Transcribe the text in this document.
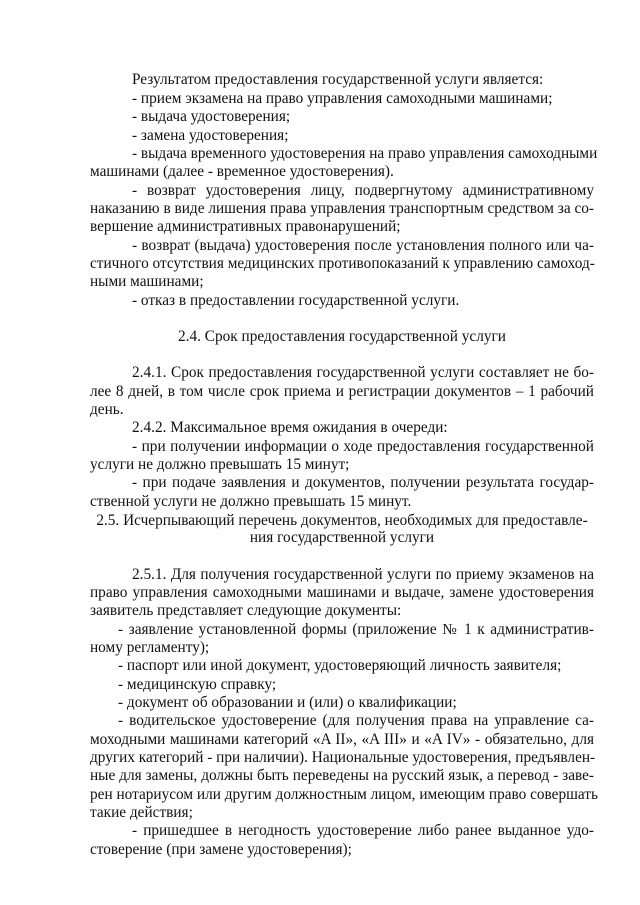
Результатом предоставления государственной услуги является:

- прием экзамена на право управления самоходными машинами;

- выдача удостоверения;

- замена удостоверения;

- выдача временного удостоверения на право управления самоходными

машинами (далее - временное удостоверения).

- возврат удостоверения лицу, подвергнутому административному

наказанию в виде лишения права управления транспортным средством за со-

вершение административных правонарушений;

- возврат (выдача) удостоверения после установления полного или ча-

стичного отсутствия медицинских противопоказаний к управлению самоход-

ными машинами;

- отказ в предоставлении государственной услуги.

2.4. Срок предоставления государственной услуги

2.4.1. Срок предоставления государственной услуги составляет не бо-

лее 8 дней, в том числе срок приема и регистрации документов – 1 рабочий

день.

2.4.2. Максимальное время ожидания в очереди:

- при получении информации о ходе предоставления государственной

услуги не должно превышать 15 минут;

- при подаче заявления и документов, получении результата государ-

ственной услуги не должно превышать 15 минут.

2.5. Исчерпывающий перечень документов, необходимых для предоставле-

ния государственной услуги

2.5.1. Для получения государственной услуги по приему экзаменов на

право управления самоходными машинами и выдаче, замене удостоверения

заявитель представляет следующие документы:

- заявление установленной формы (приложение № 1 к административ-

ному регламенту);

- паспорт или иной документ, удостоверяющий личность заявителя;

- медицинскую справку;

- документ об образовании и (или) о квалификации;

- водительское удостоверение (для получения права на управление са-

моходными машинами категорий «A II», «A III» и «A IV» - обязательно, для

других категорий - при наличии). Национальные удостоверения, предъявлен-

ные для замены, должны быть переведены на русский язык, а перевод - заве-

рен нотариусом или другим должностным лицом, имеющим право совершать

такие действия;

- пришедшее в негодность удостоверение либо ранее выданное удо-

стоверение (при замене удостоверения);
